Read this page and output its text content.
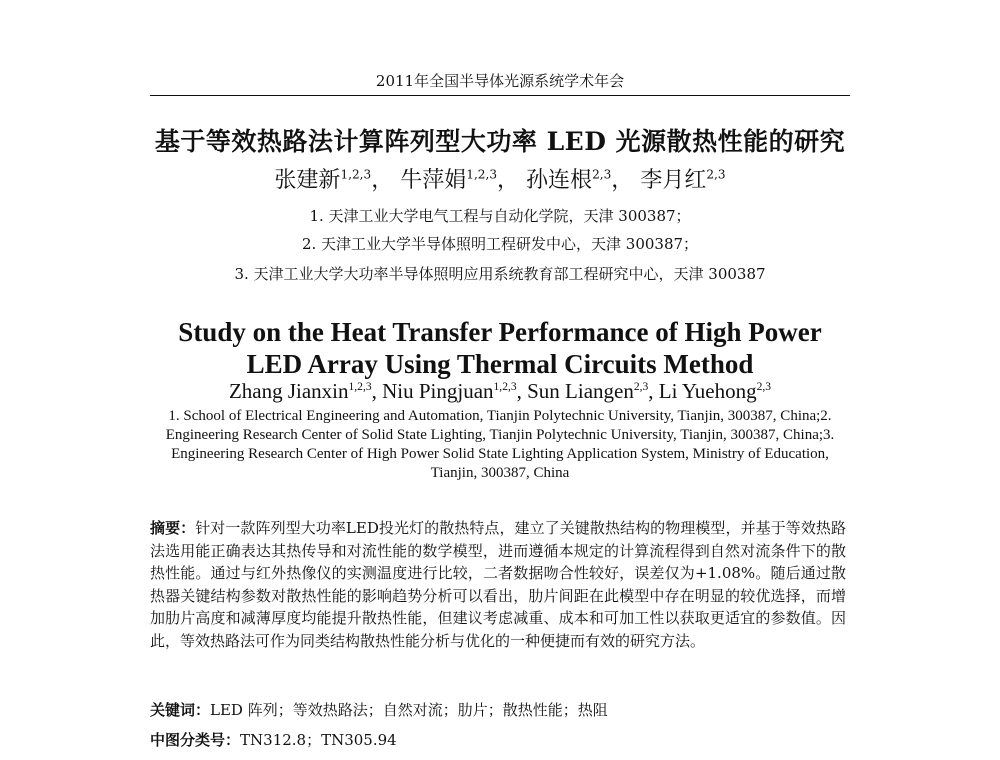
2011年全国半导体光源系统学术年会
基于等效热路法计算阵列型大功率 LED 光源散热性能的研究
张建新$^{1,2,3}$， 牛萍娟$^{1,2,3}$， 孙连根$^{2,3}$， 李月红$^{2,3}$
1. 天津工业大学电气工程与自动化学院，天津 300387；
2. 天津工业大学半导体照明工程研发中心，天津 300387；
3. 天津工业大学大功率半导体照明应用系统教育部工程研究中心，天津 300387
Study on the Heat Transfer Performance of High Power
LED Array Using Thermal Circuits Method
Zhang Jianxin$^{1,2,3}$, Niu Pingjuan$^{1,2,3}$, Sun Liangen$^{2,3}$, Li Yuehong$^{2,3}$
1. School of Electrical Engineering and Automation, Tianjin Polytechnic University, Tianjin, 300387, China;2. Engineering Research Center of Solid State Lighting, Tianjin Polytechnic University, Tianjin, 300387, China;3. Engineering Research Center of High Power Solid State Lighting Application System, Ministry of Education, Tianjin, 300387, China
摘要：针对一款阵列型大功率LED投光灯的散热特点，建立了关键散热结构的物理模型，并基于等效热路法选用能正确表达其热传导和对流性能的数学模型，进而遵循本规定的计算流程得到自然对流条件下的散热性能。通过与红外热像仪的实测温度进行比较，二者数据吻合性较好，误差仅为+1.08%。随后通过散热器关键结构参数对散热性能的影响趋势分析可以看出，肋片间距在此模型中存在明显的较优选择，而增加肋片高度和减薄厚度均能提升散热性能，但建议考虑减重、成本和可加工性以获取更适宜的参数值。因此，等效热路法可作为同类结构散热性能分析与优化的一种便捷而有效的研究方法。
关键词：LED 阵列；等效热路法；自然对流；肋片；散热性能；热阻
中图分类号：TN312.8；TN305.94
